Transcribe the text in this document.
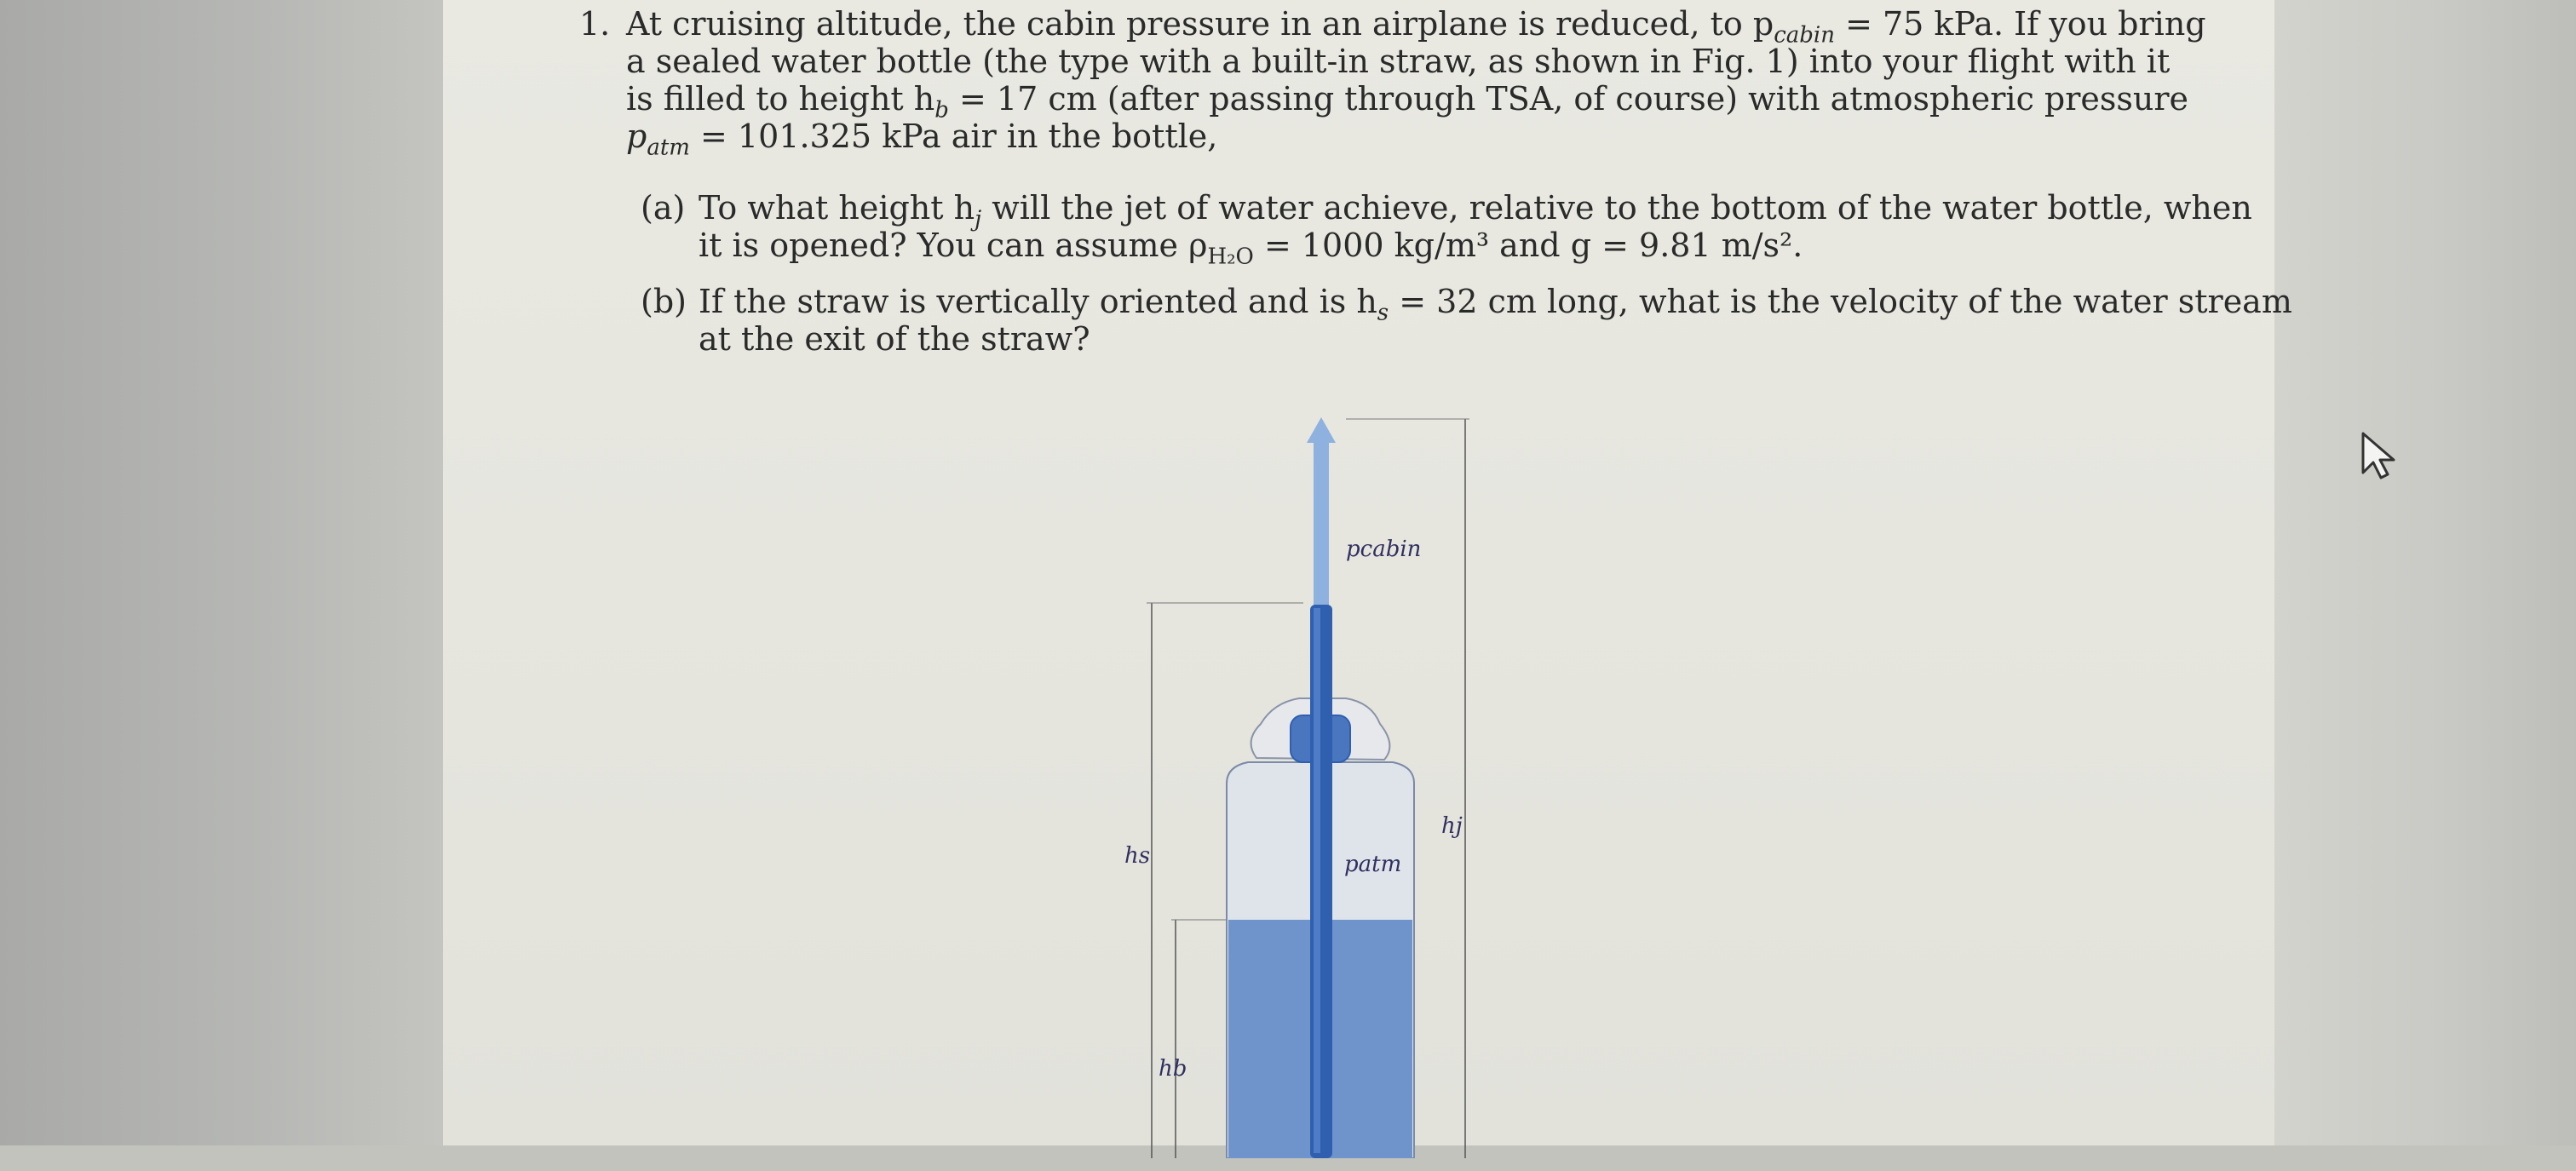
1. At cruising altitude, the cabin pressure in an airplane is reduced, to $p_{cabin} = 75$ kPa. If you bring
a sealed water bottle (the type with a built-in straw, as shown in Fig. 1) into your flight with it
is filled to height $h_b = 17$ cm (after passing through TSA, of course) with atmospheric pressure
$p_{atm} = 101.325$ kPa air in the bottle,
(a) To what height $h_j$ will the jet of water achieve, relative to the bottom of the water bottle, when
it is opened? You can assume $\rho_{H_2O} = 1000$ kg/m³ and g = 9.81 m/s².
(b) If the straw is vertically oriented and is $h_s = 32$ cm long, what is the velocity of the water stream
at the exit of the straw?
pcabin
patm
hs
hj
hb
